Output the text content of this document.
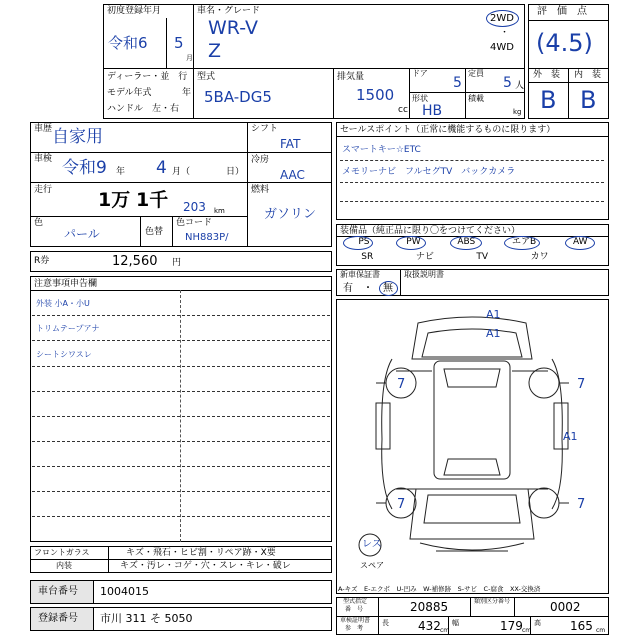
初度登録年月
令和6 5
月
車名・グレード
WR-V
Z
2WD
・
4WD
ディーラー・並　行
モデル年式	年
ハンドル　左・右
型式
5BA-DG5
排気量
1500
cc
ドア
5
定員
5 人
形状
HB
積載
kg
評　価　点
(4.5)
外　装 内　装
B B
車歴 自家用
車検 令和9 年 4 月（	日）
走行 1万 1千 203 km
色
パール	色替
色コード
NH883P/
シフト
FAT
冷房
AAC
燃料
ガソリン
R券	12,560 円
セールスポイント（正常に機能するものに限ります）
スマートキー☆ETC
メモリーナビ　フルセグTV　バックカメラ
装備品（純正品に限り〇をつけてください）
PS	PW	ABS	エアB	AW
SR	ナビ	TV	カワ
新車保証書
有　・ 無
取扱説明書
注意事項申告欄
外装 小A・小U
トリムテープアナ
シートシワスレ
フロントガラス	キズ・飛石・ヒビ割・リペア跡・X要
内装	キズ・汚レ・コゲ・穴・スレ・キレ・破レ
車台番号 1004015
登録番号 市川 311 そ 5050
A1
A1
A1
7	7
7	7
レス
スペア
A-キズ　E-エクボ　U-凹み　W-補修跡　S-サビ　C-腐食　XX-交換済
型式指定
番　号	20885	類別区分番号	0002
車検証明書
参　考
長 432 cm
幅	179 cm
高 165 cm
